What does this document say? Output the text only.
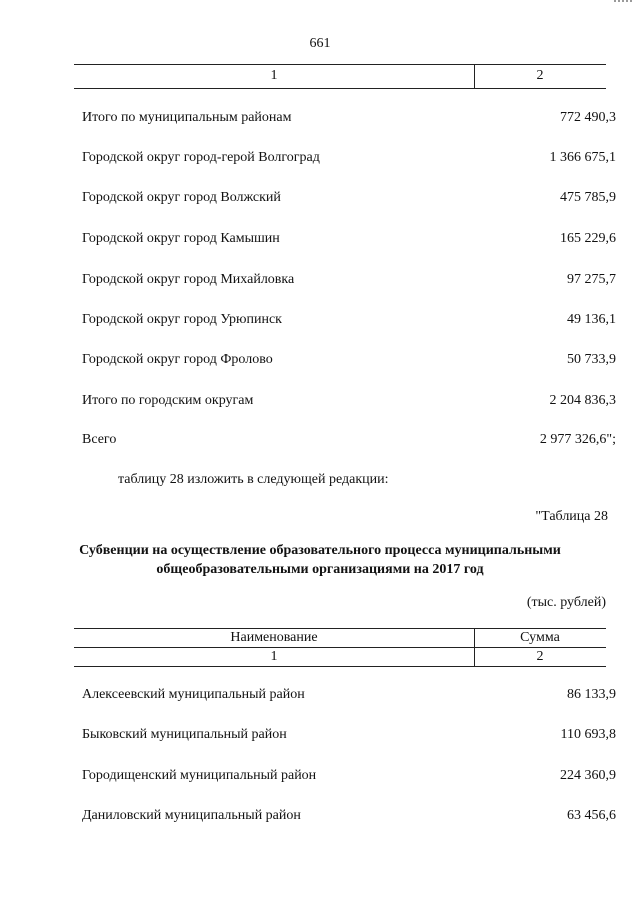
661
1	2
Итого по муниципальным районам	772 490,3
Городской округ город-герой Волгоград	1 366 675,1
Городской округ город Волжский	475 785,9
Городской округ город Камышин	165 229,6
Городской округ город Михайловка	97 275,7
Городской округ город Урюпинск	49 136,1
Городской округ город Фролово	50 733,9
Итого по городским округам	2 204 836,3
Всего	2 977 326,6";
таблицу 28 изложить в следующей редакции:
"Таблица 28
Субвенции на осуществление образовательного процесса муниципальными
общеобразовательными организациями на 2017 год
(тыс. рублей)
Наименование	Сумма
1	2
Алексеевский муниципальный район	86 133,9
Быковский муниципальный район	110 693,8
Городищенский муниципальный район	224 360,9
Даниловский муниципальный район	63 456,6
